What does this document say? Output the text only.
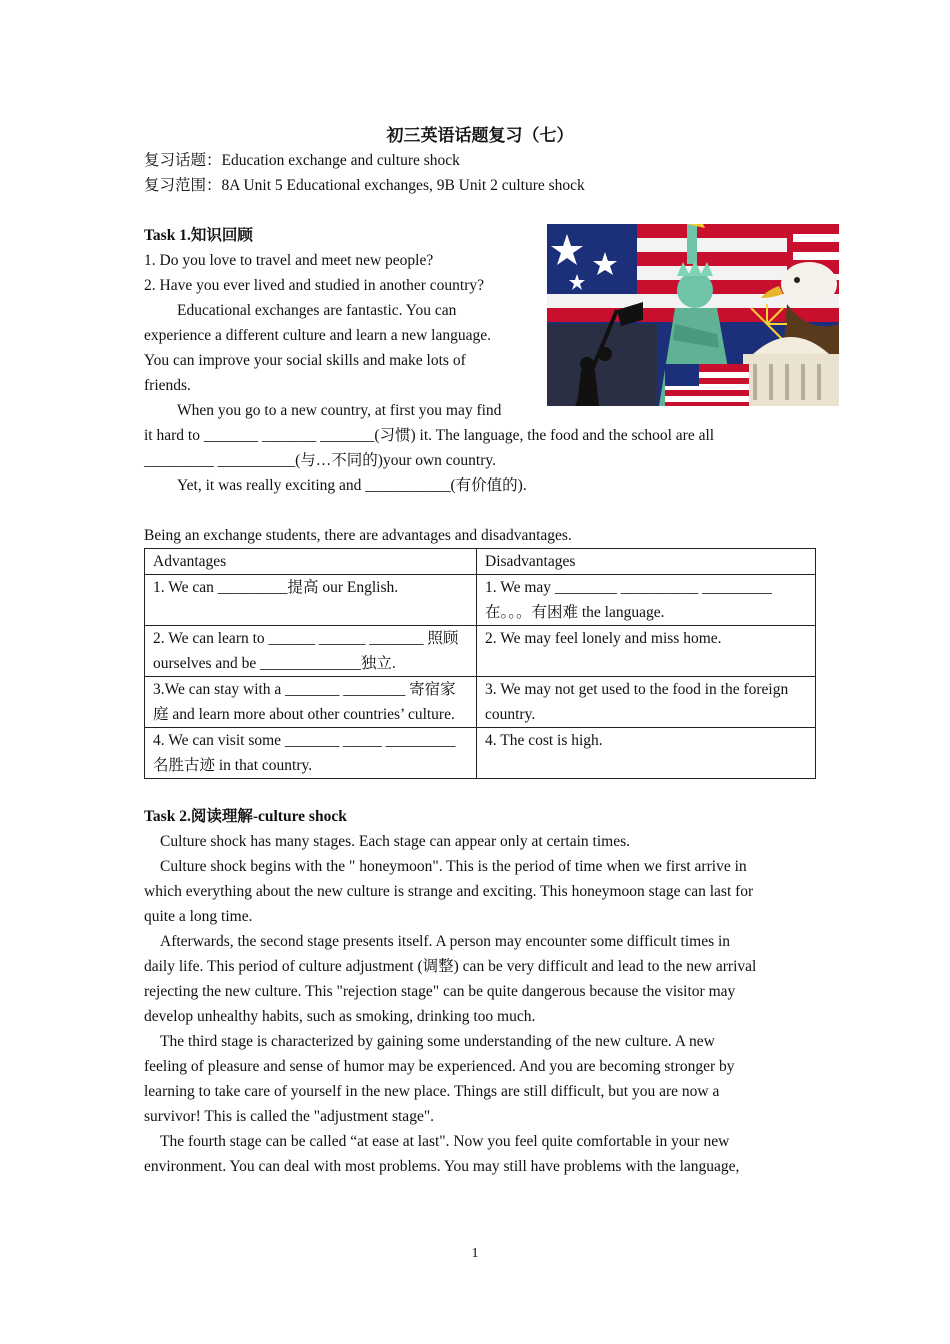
初三英语话题复习（七）

复习话题：Education exchange and culture shock
复习范围：8A Unit 5 Educational exchanges, 9B Unit 2 culture shock
Task 1.知识回顾
1. Do you love to travel and meet new people?
2. Have you ever lived and studied in another country?
Educational exchanges are fantastic. You can
experience a different culture and learn a new language.
You can improve your social skills and make lots of
friends.
When you go to a new country, at first you may find
it hard to _______ _______ _______(习惯) it. The language, the food and the school are all
_________ __________(与…不同的)your own country.
Yet, it was really exciting and ___________(有价值的).
Being an exchange students, there are advantages and disadvantages.
Advantages	Disadvantages
1. We can _________提高 our English.	1. We may ________ __________ _________ 在。。。有困难 the language.
2. We can learn to ______ ______ _______ 照顾 ourselves and be _____________独立.	2. We may feel lonely and miss home.
3.We can stay with a _______ ________ 寄宿家庭 and learn more about other countries’ culture.	3. We may not get used to the food in the foreign country.
4. We can visit some _______ _____ _________名胜古迹 in that country.	4. The cost is high.
Task 2.阅读理解-culture shock
Culture shock has many stages. Each stage can appear only at certain times.
Culture shock begins with the " honeymoon". This is the period of time when we first arrive in
which everything about the new culture is strange and exciting. This honeymoon stage can last for
quite a long time.
Afterwards, the second stage presents itself. A person may encounter some difficult times in
daily life. This period of culture adjustment (调整) can be very difficult and lead to the new arrival
rejecting the new culture. This "rejection stage" can be quite dangerous because the visitor may
develop unhealthy habits, such as smoking, drinking too much.
The third stage is characterized by gaining some understanding of the new culture. A new
feeling of pleasure and sense of humor may be experienced. And you are becoming stronger by
learning to take care of yourself in the new place. Things are still difficult, but you are now a
survivor! This is called the "adjustment stage".
The fourth stage can be called “at ease at last". Now you feel quite comfortable in your new
environment. You can deal with most problems. You may still have problems with the language,
1
